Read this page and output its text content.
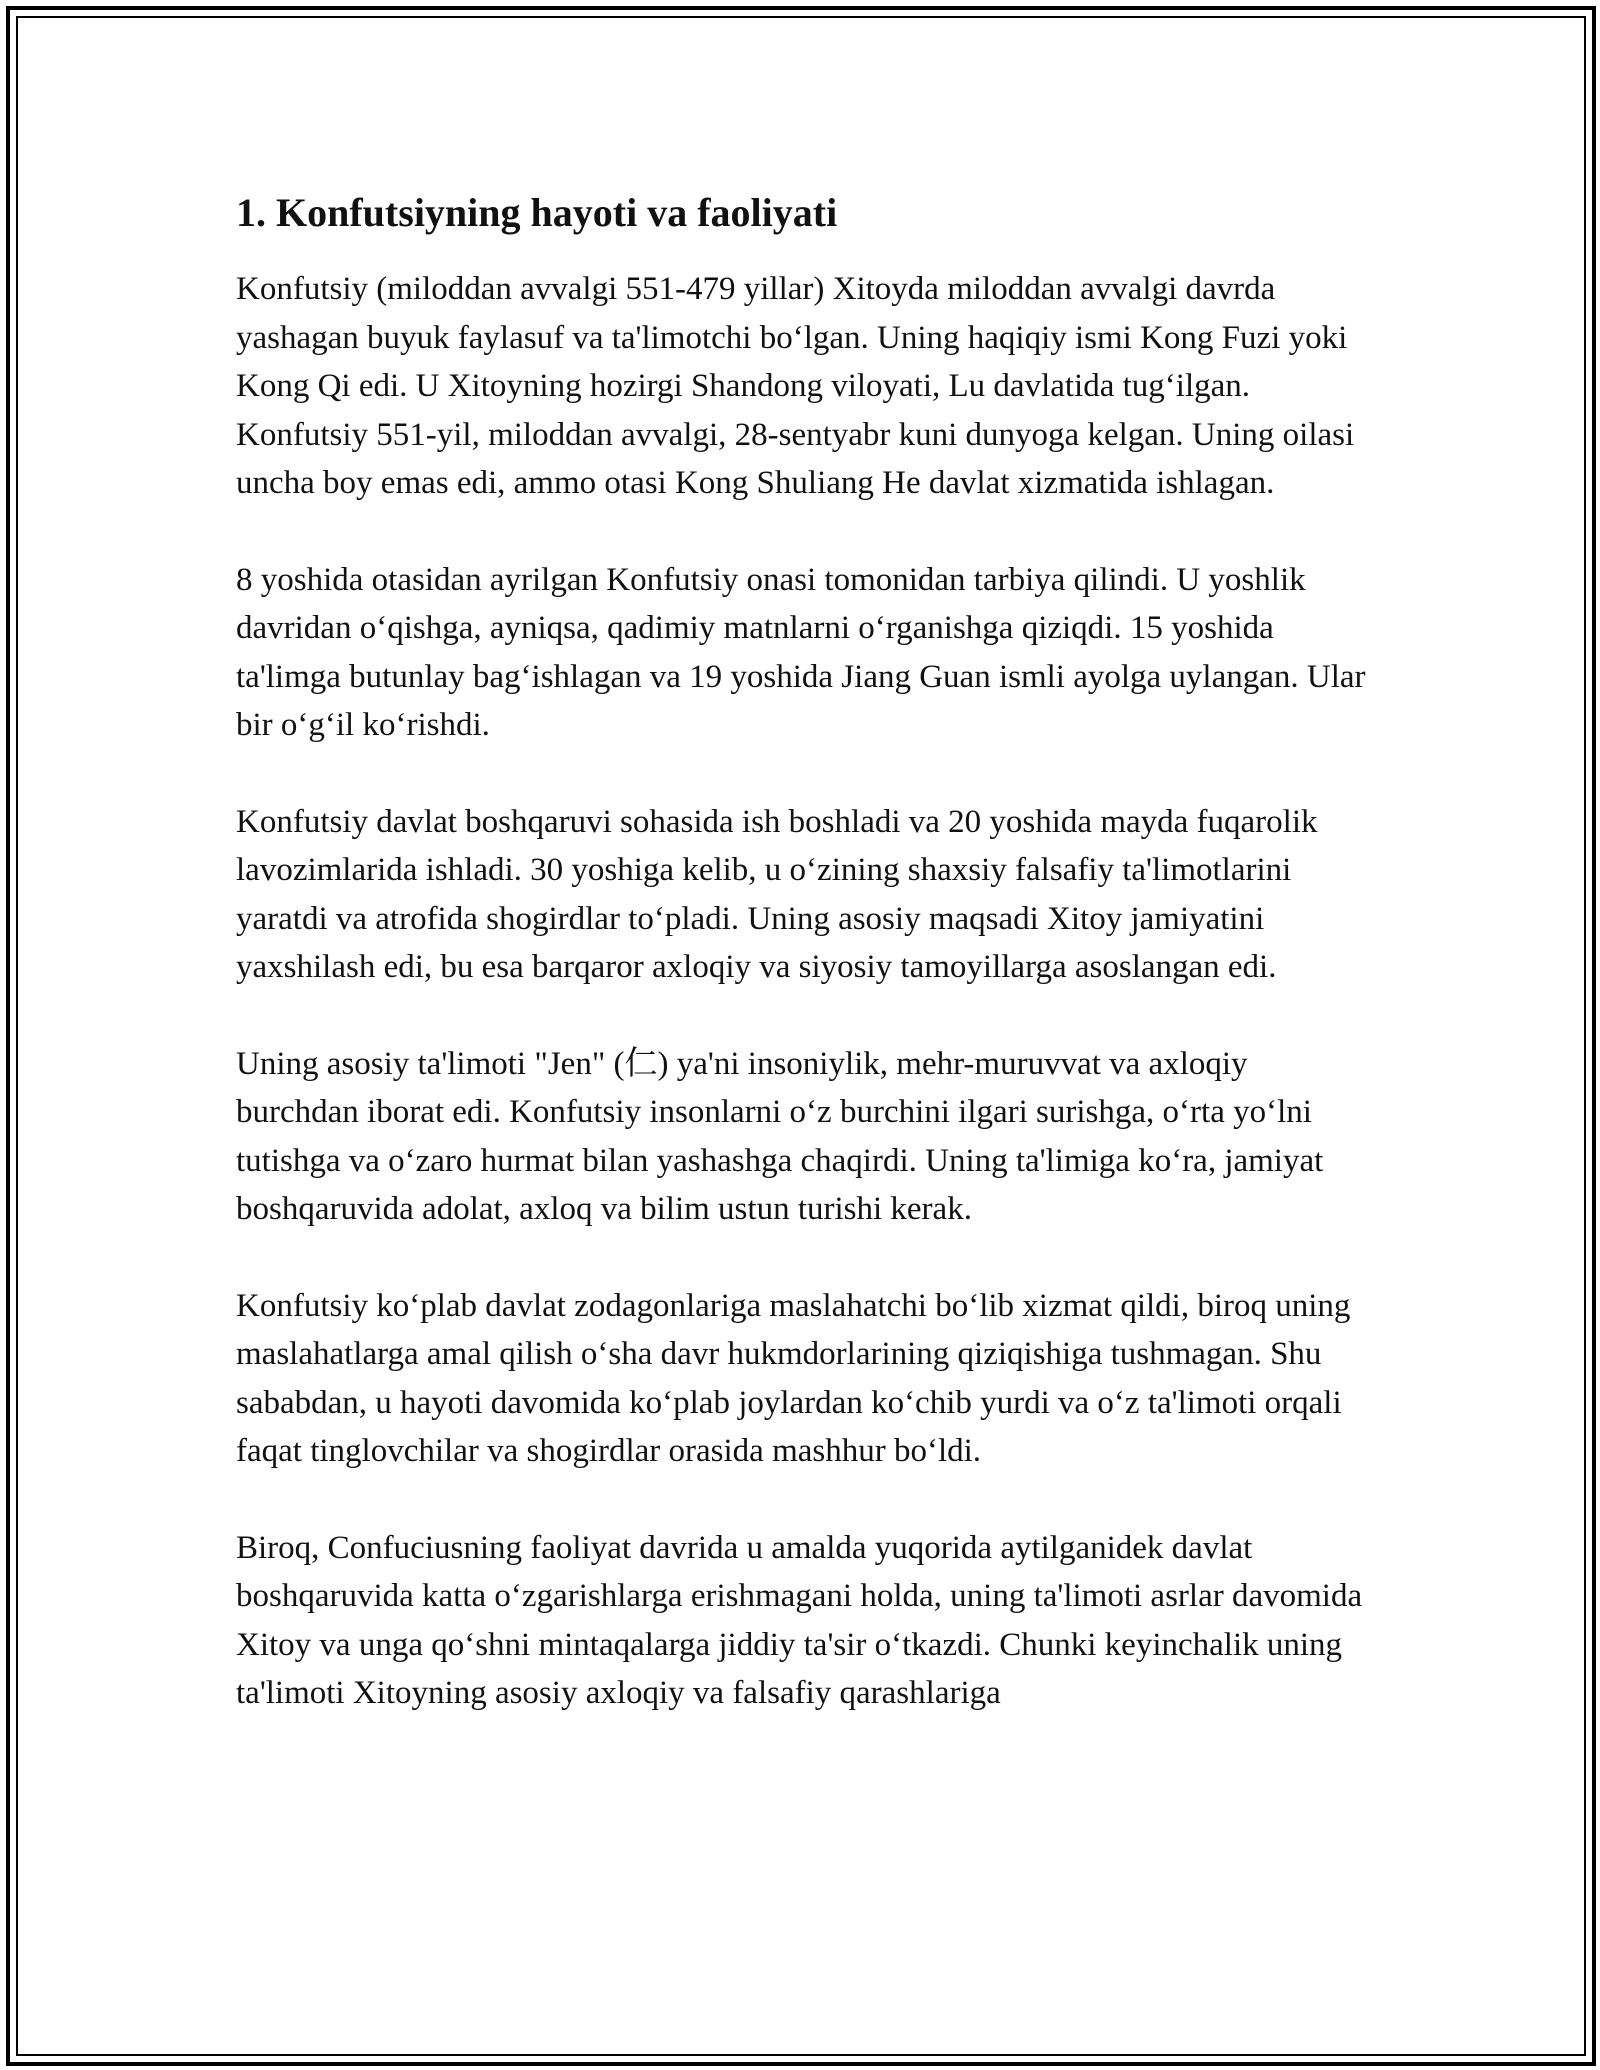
1. Konfutsiyning hayoti va faoliyati

Konfutsiy (miloddan avvalgi 551-479 yillar) Xitoyda miloddan avvalgi davrda yashagan buyuk faylasuf va ta'limotchi bo‘lgan. Uning haqiqiy ismi Kong Fuzi yoki Kong Qi edi. U Xitoyning hozirgi Shandong viloyati, Lu davlatida tug‘ilgan. Konfutsiy 551-yil, miloddan avvalgi, 28-sentyabr kuni dunyoga kelgan. Uning oilasi uncha boy emas edi, ammo otasi Kong Shuliang He davlat xizmatida ishlagan.

8 yoshida otasidan ayrilgan Konfutsiy onasi tomonidan tarbiya qilindi. U yoshlik davridan o‘qishga, ayniqsa, qadimiy matnlarni o‘rganishga qiziqdi. 15 yoshida ta'limga butunlay bag‘ishlagan va 19 yoshida Jiang Guan ismli ayolga uylangan. Ular bir o‘g‘il ko‘rishdi.

Konfutsiy davlat boshqaruvi sohasida ish boshladi va 20 yoshida mayda fuqarolik lavozimlarida ishladi. 30 yoshiga kelib, u o‘zining shaxsiy falsafiy ta'limotlarini yaratdi va atrofida shogirdlar to‘pladi. Uning asosiy maqsadi Xitoy jamiyatini yaxshilash edi, bu esa barqaror axloqiy va siyosiy tamoyillarga asoslangan edi.

Uning asosiy ta'limoti "Jen" (仁) ya'ni insoniylik, mehr-muruvvat va axloqiy burchdan iborat edi. Konfutsiy insonlarni o‘z burchini ilgari surishga, o‘rta yo‘lni tutishga va o‘zaro hurmat bilan yashashga chaqirdi. Uning ta'limiga ko‘ra, jamiyat boshqaruvida adolat, axloq va bilim ustun turishi kerak.

Konfutsiy ko‘plab davlat zodagonlariga maslahatchi bo‘lib xizmat qildi, biroq uning maslahatlarga amal qilish o‘sha davr hukmdorlarining qiziqishiga tushmagan. Shu sababdan, u hayoti davomida ko‘plab joylardan ko‘chib yurdi va o‘z ta'limoti orqali faqat tinglovchilar va shogirdlar orasida mashhur bo‘ldi.

Biroq, Confuciusning faoliyat davrida u amalda yuqorida aytilganidek davlat boshqaruvida katta o‘zgarishlarga erishmagani holda, uning ta'limoti asrlar davomida Xitoy va unga qo‘shni mintaqalarga jiddiy ta'sir o‘tkazdi. Chunki keyinchalik uning ta'limoti Xitoyning asosiy axloqiy va falsafiy qarashlariga
